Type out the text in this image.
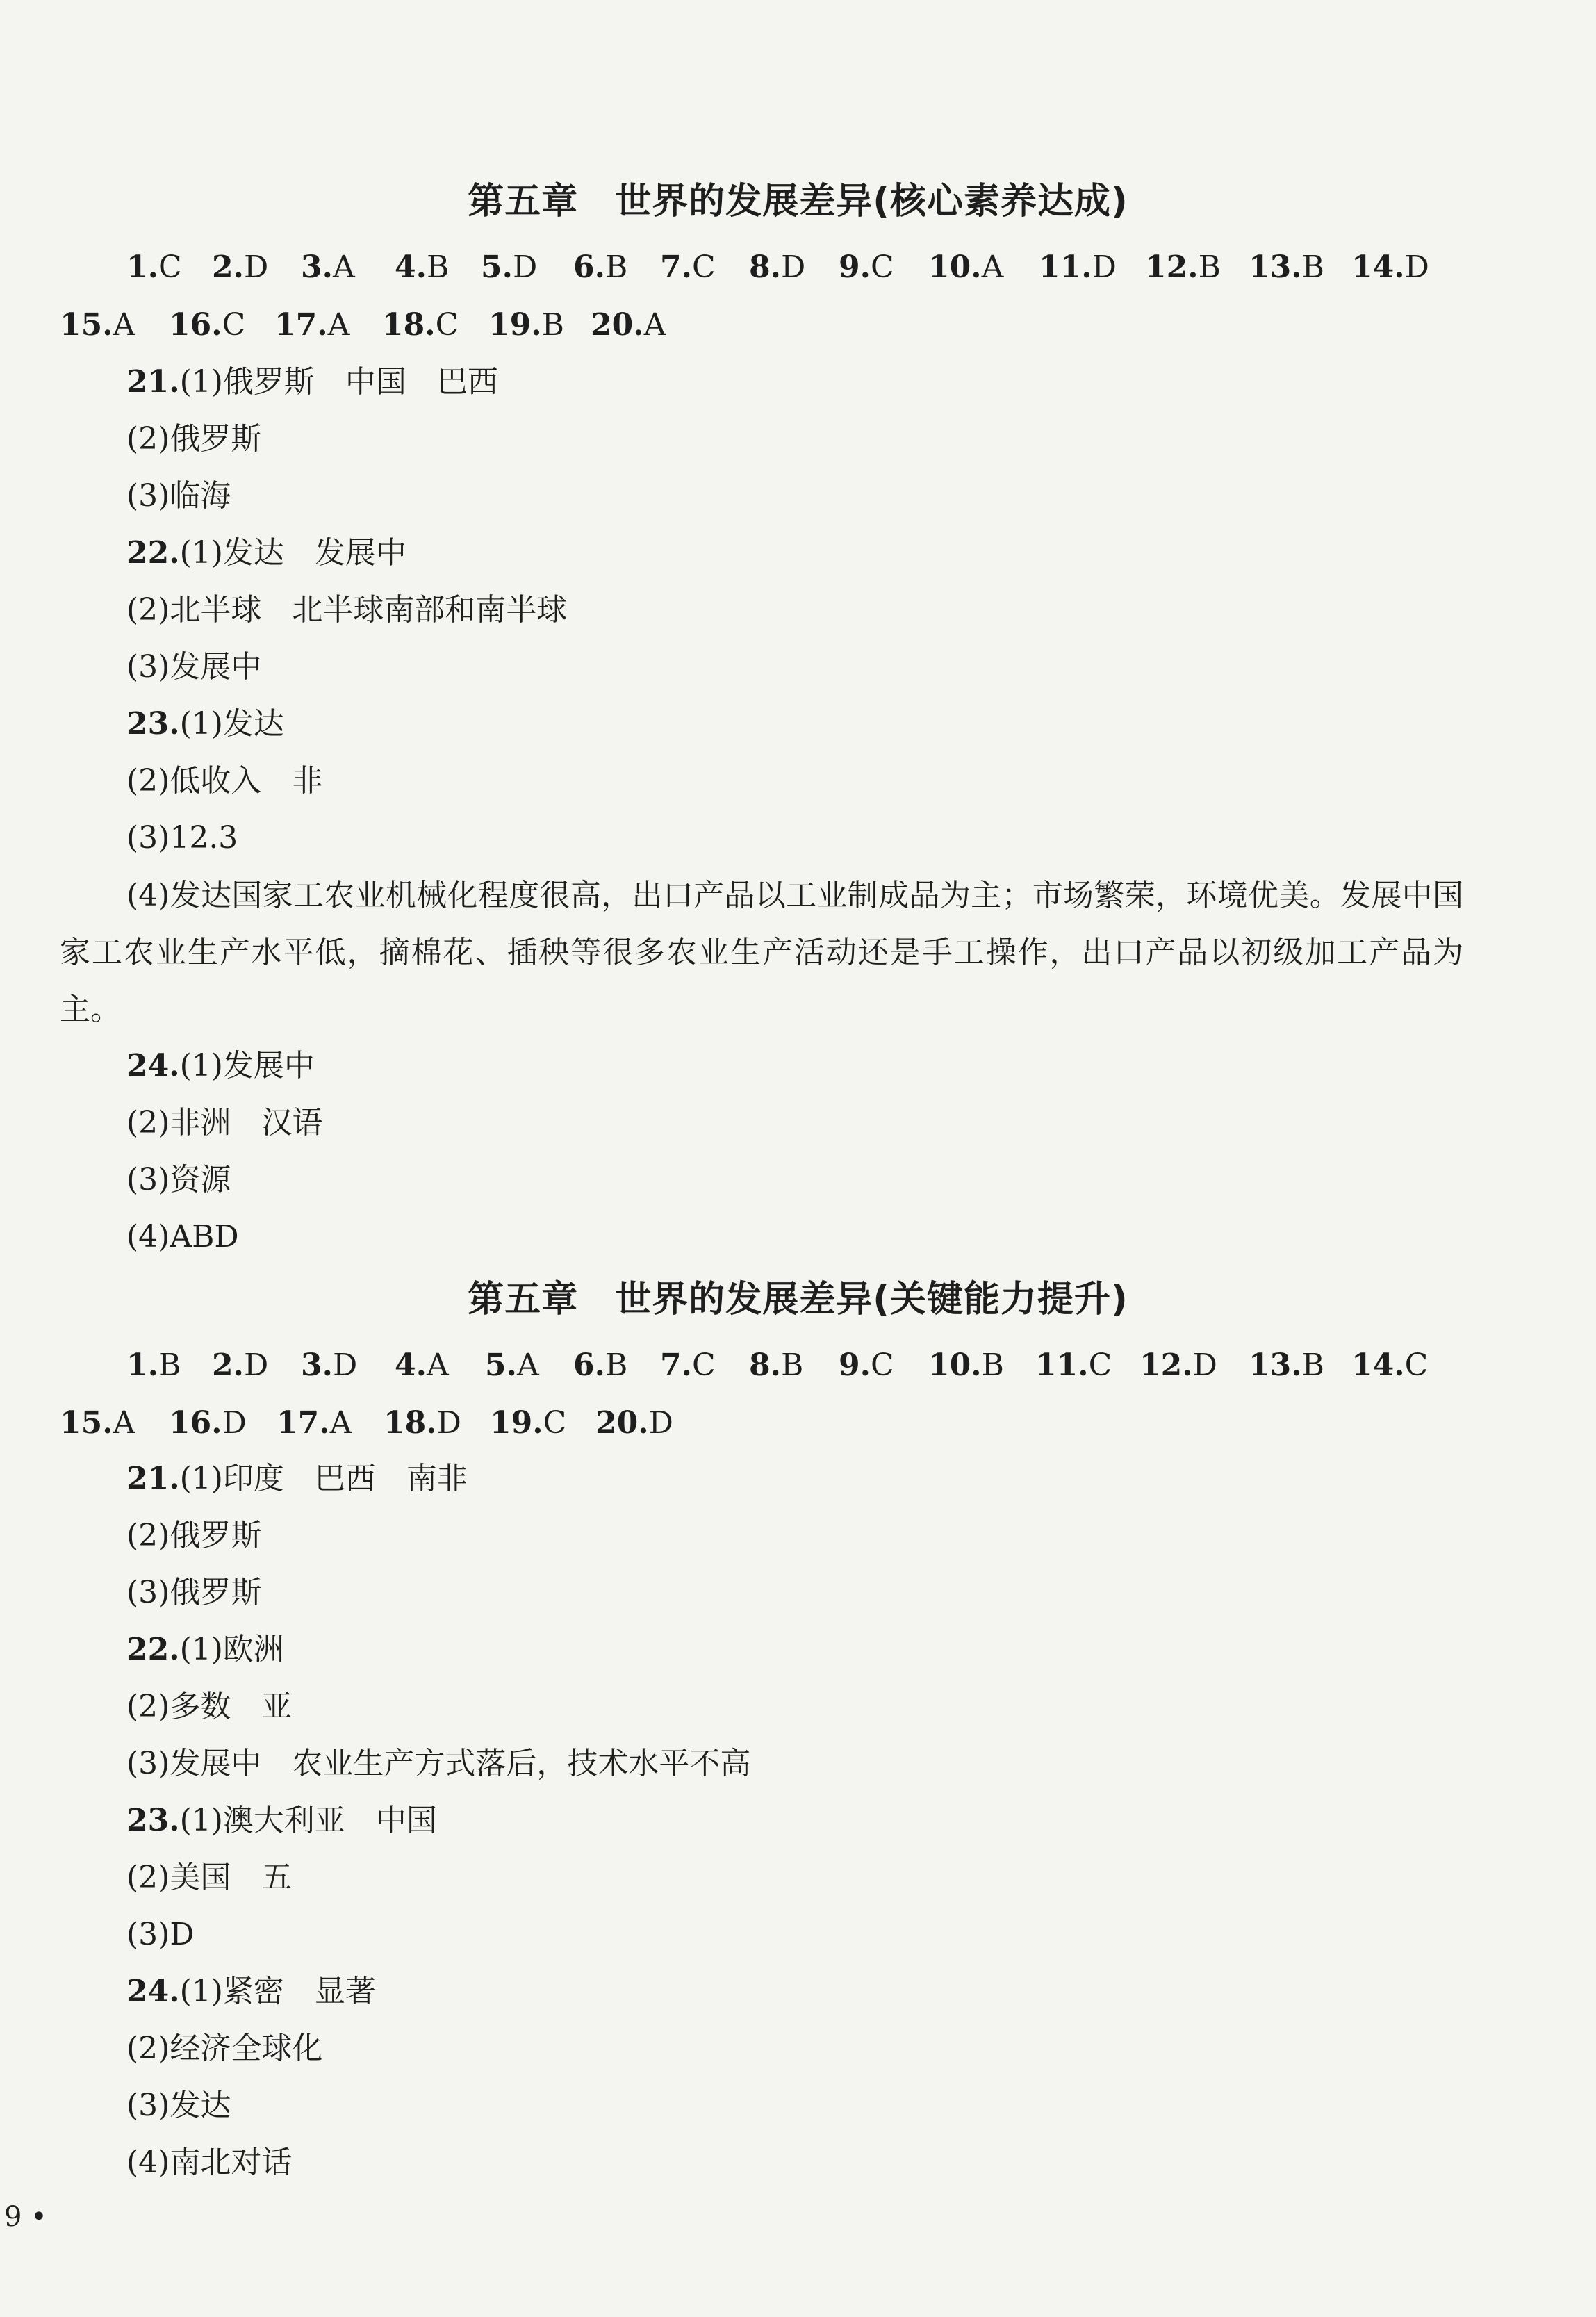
第五章　世界的发展差异(核心素养达成)
1.C 2.D 3.A 4.B 5.D 6.B 7.C 8.D 9.C 10.A 11.D 12.B 13.B 14.D
15.A 16.C 17.A 18.C 19.B 20.A
21.(1)俄罗斯　中国　巴西
(2)俄罗斯
(3)临海
22.(1)发达　发展中
(2)北半球　北半球南部和南半球
(3)发展中
23.(1)发达
(2)低收入　非
(3)12.3
(4)发达国家工农业机械化程度很高，出口产品以工业制成品为主；市场繁荣，环境优美。发展中国家工农业生产水平低，摘棉花、插秧等很多农业生产活动还是手工操作，出口产品以初级加工产品为主。
24.(1)发展中
(2)非洲　汉语
(3)资源
(4)ABD
第五章　世界的发展差异(关键能力提升)
1.B 2.D 3.D 4.A 5.A 6.B 7.C 8.B 9.C 10.B 11.C 12.D 13.B 14.C
15.A 16.D 17.A 18.D 19.C 20.D
21.(1)印度　巴西　南非
(2)俄罗斯
(3)俄罗斯
22.(1)欧洲
(2)多数　亚
(3)发展中　农业生产方式落后，技术水平不高
23.(1)澳大利亚　中国
(2)美国　五
(3)D
24.(1)紧密　显著
(2)经济全球化
(3)发达
(4)南北对话
9 •
